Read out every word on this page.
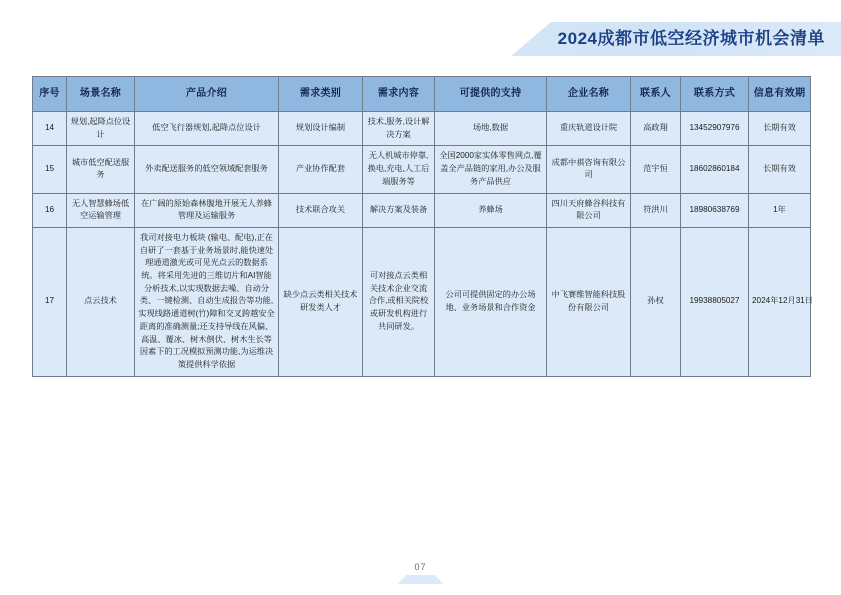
2024成都市低空经济城市机会清单
序号	场景名称	产品介绍	需求类别	需求内容	可提供的支持	企业名称	联系人	联系方式	信息有效期
14	规划,起降点位设计	低空飞行器规划,起降点位设计	规划设计编制	技术,服务,设计解决方案	场地,数据	重庆轨道设计院	高政翔	13452907976	长期有效
15	城市低空配送服务	外卖配送服务的低空领域配套服务	产业协作配套	无人机城市停靠,换电,充电,人工后端服务等	全国2000家实体零售网点,覆盖全产品链的家用,办公及服务产品供应	成都中祺咨询有限公司	范宇恒	18602860184	长期有效
16	无人智慧蜂场低空运输管理	在广阔的原始森林腹地开展无人养蜂管理及运输服务	技术联合攻关	解决方案及装备	养蜂场	四川天府蜂谷科技有限公司	符洪川	18980638769	1年
17	点云技术	我司对接电力板块 (输电、配电),正在自研了一套基于业务场景时,能快速处理通道激光或可见光点云的数据系统。将采用先进的三维切片和AI智能分析技术,以实现数据去噪、自动分类、一键检测、自动生成报告等功能,实现线路通道树(竹)障和交叉跨越安全距离的准确测量;还支持导线在风偏、高温、覆冰、树木倒伏、树木生长等因素下的工况模拟预测功能,为运维决策提供科学依据	缺少点云类相关技术研发类人才	可对接点云类相关技术企业交流合作,或相关院校或研发机构进行共同研发。	公司可提供固定的办公场地、业务场景和合作资金	中飞赛维智能科技股份有限公司	孙权	19938805027	2024年12月31日
07
